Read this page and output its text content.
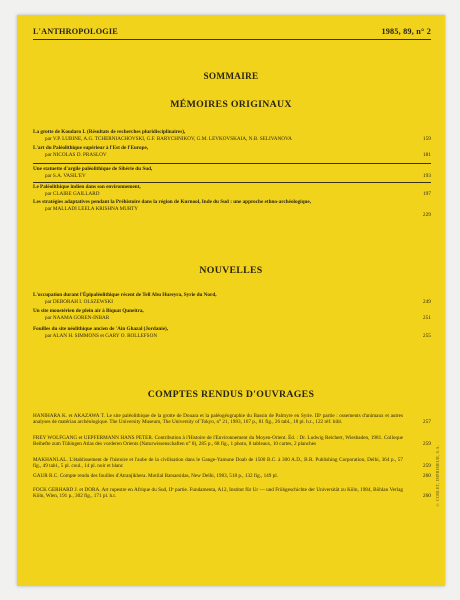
L'ANTHROPOLOGIE	1985, 89, n° 2
SOMMAIRE
MÉMOIRES ORIGINAUX
La grotte de Koudaro I. (Résultats de recherches pluridisciplinaires),
par V.P. LUBINE, A.G. TCHERNIACHOVSKI, G.F. BARYCHNIKOV, G.M. LEVKOVSKAIA, N.B. SELIVANOVA	159
L'art du Paléolithique supérieur à l'Est de l'Europe,
par NICOLAS D. PRASLOV	181
Une statuette d'argile paléolithique de Sibérie du Sud,
par S.A. VASIL'EV	193
Le Paléolithique indien dans son environnement,
par CLAIRE GAILLARD	197
Les stratégies adaptatives pendant la Préhistoire dans la région de Kurnool, Inde du Sud : une approche ethno-archéologique,
par MALLADI LEELA KRISHNA MURTY
229
NOUVELLES
L'occupation durant l'Épipaléolithique récent de Tell Abu Hureyra, Syrie du Nord,
par DEBORAH I. OLSZEWSKI	249
Un site moustérien de plein air à Biquat Quneitra,
par NAAMA GOREN-INBAR	251
Fouilles du site néolithique ancien de 'Ain Ghazal (Jordanie),
par ALAN H. SIMMONS et GARY O. ROLLEFSON	255
COMPTES RENDUS D'OUVRAGES
HANIHARA K. et AKAZAWA T. Le site paléolithique de la grotte de Douara et la paléogéographie du Bassin de Palmyre en Syrie. IIIᵉ partie : ossements d'animaux et autres analyses de matériau archéologique. The University Museum, The University of Tokyo, n° 21, 1983, 167 p., 81 fig., 26 tabl., 18 pl. h.t., 122 réf. bibl.	257
FREY WOLFGANG et UEPFERMANN HANS PETER. Contribution à l'Histoire de l'Environnement du Moyen-Orient. Éd. : Dr. Ludwig Reichert, Wiesbaden, 1981. Colloque Beihefte zum Tübingen Atlas des vorderen Orients (Naturwissenschaften n° 8), 285 p., 68 fig., 1 photo, 8 tableaux, 10 cartes, 2 planches	259
MAKHANLAL. L'établissement de l'histoire et l'aube de la civilisation dans le Gange-Yamune Doab de 1500 B.C. à 300 A.D., B.R. Publishing Corporation, Delhi, 364 p., 57 fig., 49 tabl., 5 pl. coul., 14 pl. noir et blanc	259
GAUR R.C. Compte rendu des fouilles d'Atranjikhera. Motilal Barsarsidas, New Delhi, 1983, 518 p., 132 fig., 149 pl.	260
FOCK GERHARD J. et DORA. Art rupestre en Afrique du Sud, IIᵉ partie. Fundamenta, A12, Institut für Ur — und Frühgeschichte der Universität zu Köln, 1984, Böhlan Verlag Köln, Wien, 191 p., 302 fig., 171 pl. h.t.	260 © CORLET, IMPRIMEUR, S.A.
